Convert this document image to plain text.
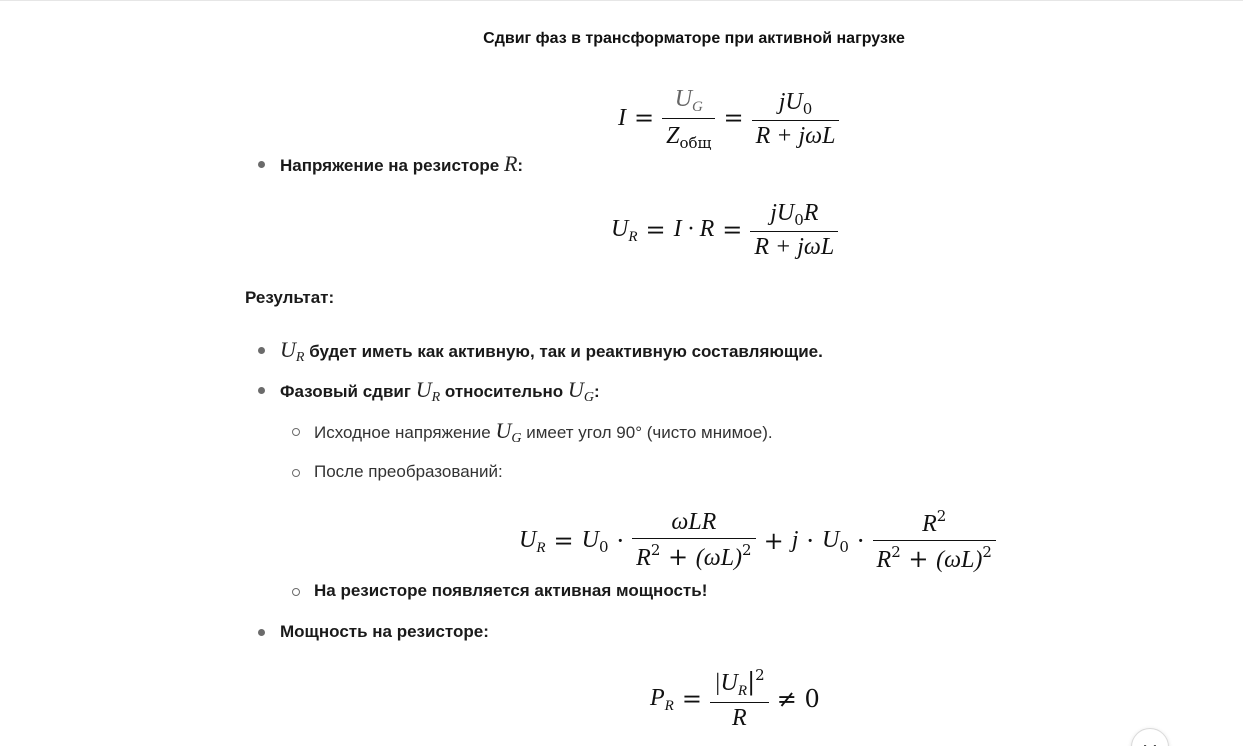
Сдвиг фаз в трансформаторе при активной нагрузке
$I = \frac{U_G}{Z_{общ}} = \frac{jU_0}{\text{R + jωL}}$
Напряжение на резисторе R:
$U_R = I \cdot R = \frac{jU_0R}{\text{R + jωL}}$
Результат:
$U_R$ будет иметь как активную, так и реактивную составляющие.
Фазовый сдвиг $U_R$ относительно $U_G$:
Исходное напряжение $U_G$ имеет угол 90° (чисто мнимое).
После преобразований:
$U_R = U_0 \cdot \frac{\text{ωLR}}{R^2 + (\omega L)^2} + j \cdot U_0 \cdot \frac{R^2}{R^2 + (\omega L)^2}$
На резисторе появляется активная мощность!
Мощность на резисторе:
$P_R = \frac{|U_R|^2}{R} \ne 0$
